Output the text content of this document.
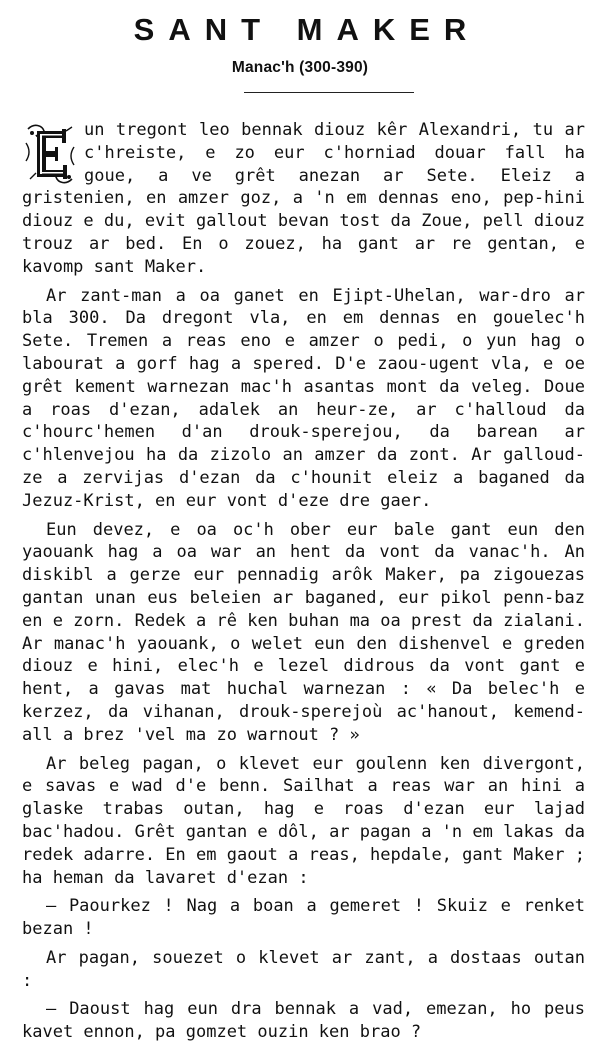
SANT MAKER
Manac'h (300-390)

un tregont leo bennak diouz kêr Alexandri, tu ar c'hreiste, e zo eur c'horniad douar fall ha goue, a ve grêt anezan ar Sete. Eleiz a gristenien, en amzer goz, a 'n em dennas eno, pep-hini diouz e du, evit gallout bevan tost da Zoue, pell diouz trouz ar bed. En o zouez, ha gant ar re gentan, e kavomp sant Maker.

Ar zant-man a oa ganet en Ejipt-Uhelan, war-dro ar bla 300. Da dregont vla, en em dennas en gouelec'h Sete. Tremen a reas eno e amzer o pedi, o yun hag o labourat a gorf hag a spered. D'e zaou-ugent vla, e oe grêt kement warnezan mac'h asantas mont da veleg. Doue a roas d'ezan, adalek an heur-ze, ar c'halloud da c'hourc'hemen d'an drouk-sperejou, da barean ar c'hlenvejou ha da zizolo an amzer da zont. Ar galloud-ze a zervijas d'ezan da c'hounit eleiz a baganed da Jezuz-Krist, en eur vont d'eze dre gaer.

Eun devez, e oa oc'h ober eur bale gant eun den yaouank hag a oa war an hent da vont da vanac'h. An diskibl a gerze eur pennadig arôk Maker, pa zigouezas gantan unan eus beleien ar baganed, eur pikol penn-baz en e zorn. Redek a rê ken buhan ma oa prest da zialani. Ar manac'h yaouank, o welet eun den dishenvel e greden diouz e hini, elec'h e lezel didrous da vont gant e hent, a gavas mat huchal warnezan : « Da belec'h e kerzez, da vihanan, drouk-sperejoù ac'hanout, kemend-all a brez 'vel ma zo warnout ? »

Ar beleg pagan, o klevet eur goulenn ken divergont, e savas e wad d'e benn. Sailhat a reas war an hini a glaske trabas outan, hag e roas d'ezan eur lajad bac'hadou. Grêt gantan e dôl, ar pagan a 'n em lakas da redek adarre. En em gaout a reas, hepdale, gant Maker ; ha heman da lavaret d'ezan :

— Paourkez ! Nag a boan a gemeret ! Skuiz e renket bezan !

Ar pagan, souezet o klevet ar zant, a dostaas outan :

— Daoust hag eun dra bennak a vad, emezan, ho peus kavet ennon, pa gomzet ouzin ken brao ?
